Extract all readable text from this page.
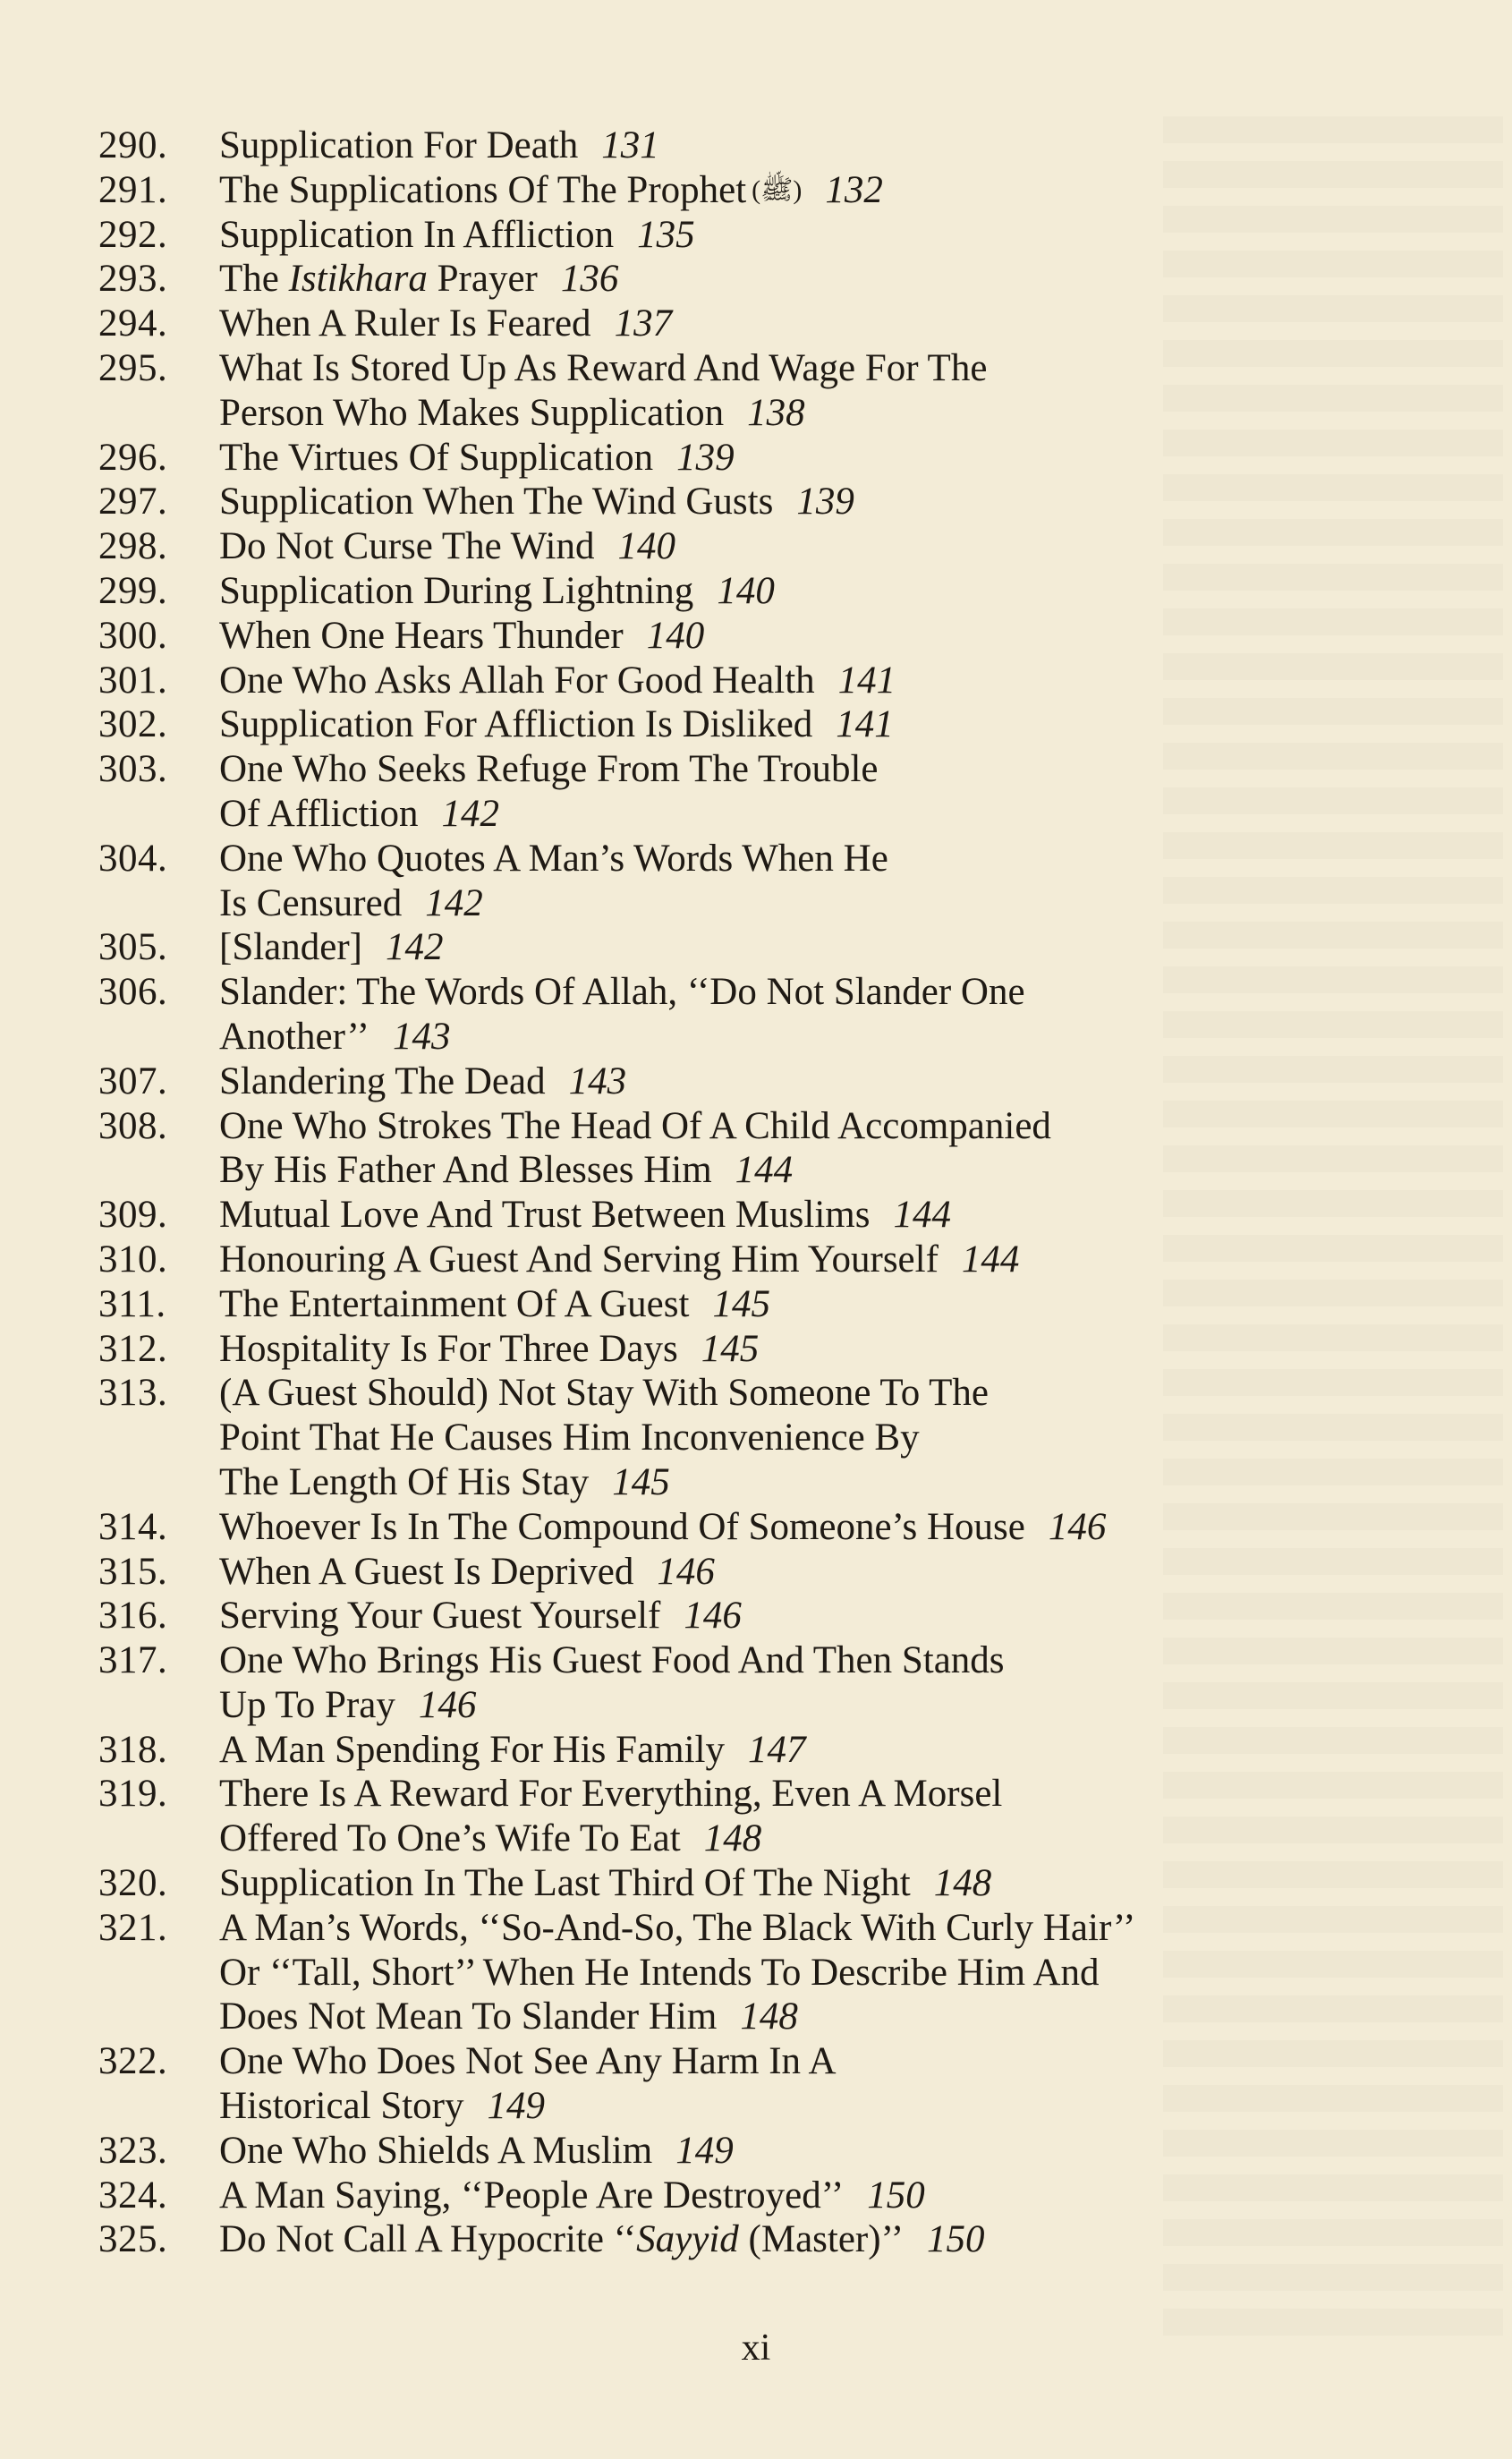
290.	Supplication For Death 131
291.	The Supplications Of The Prophet (ﷺ) 132
292.	Supplication In Affliction 135
293.	The Istikhara Prayer 136
294.	When A Ruler Is Feared 137
295.	What Is Stored Up As Reward And Wage For The
Person Who Makes Supplication 138
296.	The Virtues Of Supplication 139
297.	Supplication When The Wind Gusts 139
298.	Do Not Curse The Wind 140
299.	Supplication During Lightning 140
300.	When One Hears Thunder 140
301.	One Who Asks Allah For Good Health 141
302.	Supplication For Affliction Is Disliked 141
303.	One Who Seeks Refuge From The Trouble
Of Affliction 142
304.	One Who Quotes A Man’s Words When He
Is Censured 142
305.	[Slander] 142
306.	Slander: The Words Of Allah, ‘‘Do Not Slander One
Another’’ 143
307.	Slandering The Dead 143
308.	One Who Strokes The Head Of A Child Accompanied
By His Father And Blesses Him 144
309.	Mutual Love And Trust Between Muslims 144
310.	Honouring A Guest And Serving Him Yourself 144
311.	The Entertainment Of A Guest 145
312.	Hospitality Is For Three Days 145
313.	(A Guest Should) Not Stay With Someone To The
Point That He Causes Him Inconvenience By
The Length Of His Stay 145
314.	Whoever Is In The Compound Of Someone’s House 146
315.	When A Guest Is Deprived 146
316.	Serving Your Guest Yourself 146
317.	One Who Brings His Guest Food And Then Stands
Up To Pray 146
318.	A Man Spending For His Family 147
319.	There Is A Reward For Everything, Even A Morsel
Offered To One’s Wife To Eat 148
320.	Supplication In The Last Third Of The Night 148
321.	A Man’s Words, ‘‘So-And-So, The Black With Curly Hair’’
Or ‘‘Tall, Short’’ When He Intends To Describe Him And
Does Not Mean To Slander Him 148
322.	One Who Does Not See Any Harm In A
Historical Story 149
323.	One Who Shields A Muslim 149
324.	A Man Saying, ‘‘People Are Destroyed’’ 150
325.	Do Not Call A Hypocrite ‘‘Sayyid (Master)’’ 150
xi
